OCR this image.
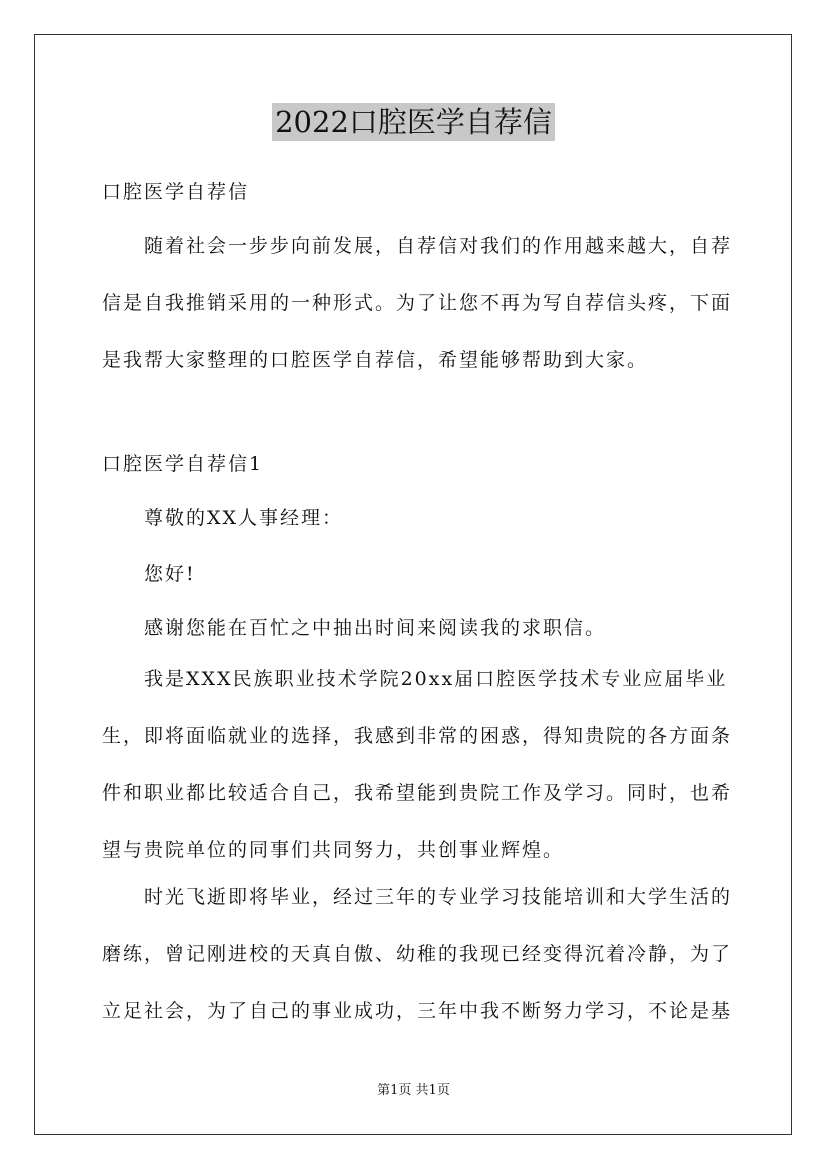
2022口腔医学自荐信
口腔医学自荐信
随着社会一步步向前发展，自荐信对我们的作用越来越大，自荐信是自我推销采用的一种形式。为了让您不再为写自荐信头疼，下面是我帮大家整理的口腔医学自荐信，希望能够帮助到大家。
口腔医学自荐信1
尊敬的XX人事经理：
您好!
感谢您能在百忙之中抽出时间来阅读我的求职信。
我是XXX民族职业技术学院20xx届口腔医学技术专业应届毕业生，即将面临就业的选择，我感到非常的困惑，得知贵院的各方面条件和职业都比较适合自己，我希望能到贵院工作及学习。同时，也希望与贵院单位的同事们共同努力，共创事业辉煌。
时光飞逝即将毕业，经过三年的专业学习技能培训和大学生活的磨练，曾记刚进校的天真自傲、幼稚的我现已经变得沉着冷静，为了立足社会，为了自己的事业成功，三年中我不断努力学习，不论是基
第1页 共1页
